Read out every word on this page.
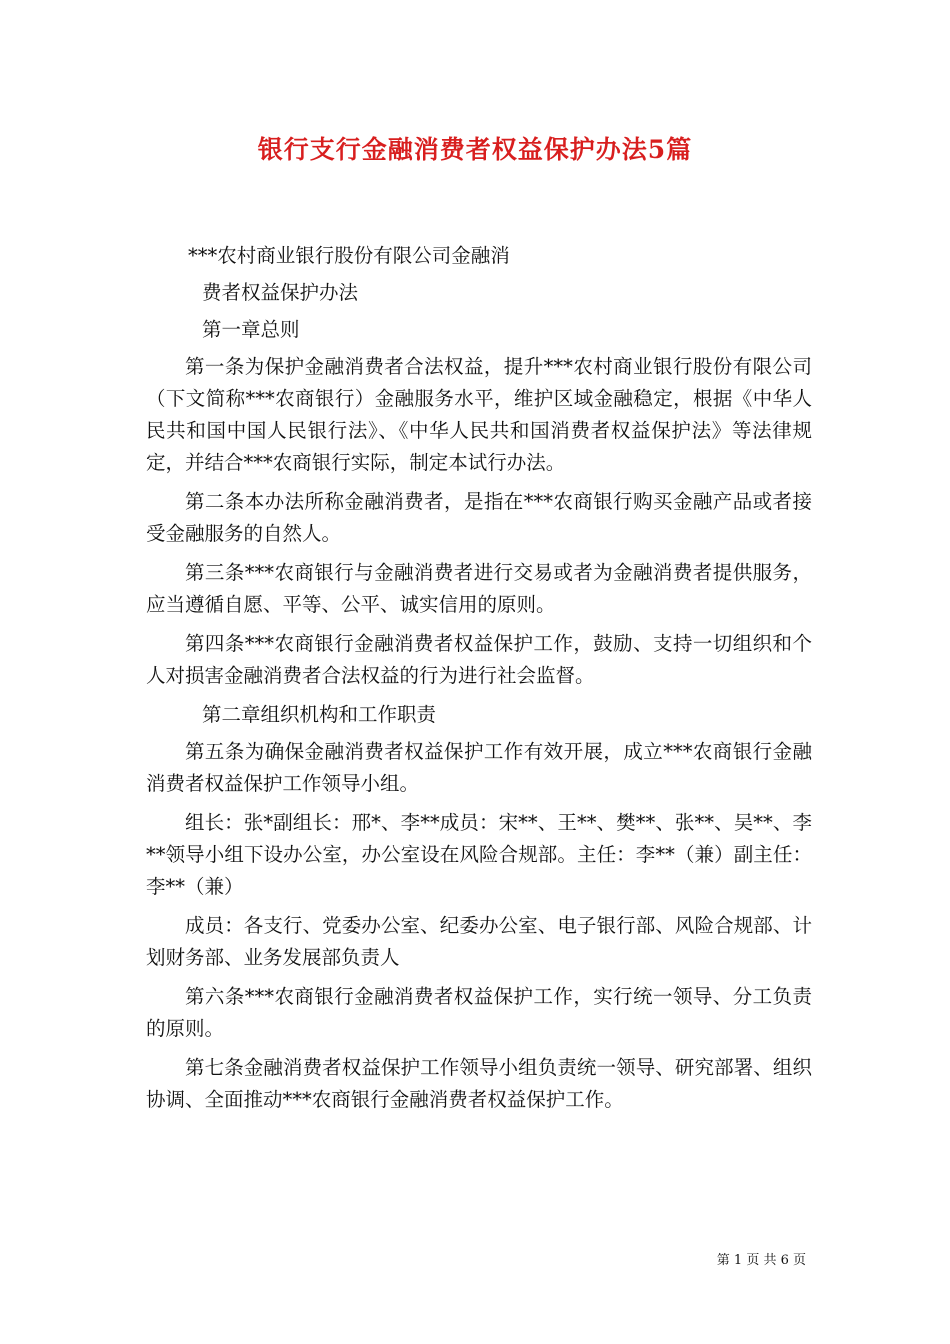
银行支行金融消费者权益保护办法5篇

***农村商业银行股份有限公司金融消

费者权益保护办法

第一章总则

第一条为保护金融消费者合法权益，提升***农村商业银行股份有限公司（下文简称***农商银行）金融服务水平，维护区域金融稳定，根据《中华人民共和国中国人民银行法》、《中华人民共和国消费者权益保护法》等法律规定，并结合***农商银行实际，制定本试行办法。

第二条本办法所称金融消费者，是指在***农商银行购买金融产品或者接受金融服务的自然人。

第三条***农商银行与金融消费者进行交易或者为金融消费者提供服务，应当遵循自愿、平等、公平、诚实信用的原则。

第四条***农商银行金融消费者权益保护工作，鼓励、支持一切组织和个人对损害金融消费者合法权益的行为进行社会监督。

第二章组织机构和工作职责

第五条为确保金融消费者权益保护工作有效开展，成立***农商银行金融消费者权益保护工作领导小组。

组长：张*副组长：邢*、李**成员：宋**、王**、樊**、张**、吴**、李**领导小组下设办公室，办公室设在风险合规部。主任：李**（兼）副主任：李**（兼）

成员：各支行、党委办公室、纪委办公室、电子银行部、风险合规部、计划财务部、业务发展部负责人

第六条***农商银行金融消费者权益保护工作，实行统一领导、分工负责的原则。

第七条金融消费者权益保护工作领导小组负责统一领导、研究部署、组织协调、全面推动***农商银行金融消费者权益保护工作。

第 1 页 共 6 页
